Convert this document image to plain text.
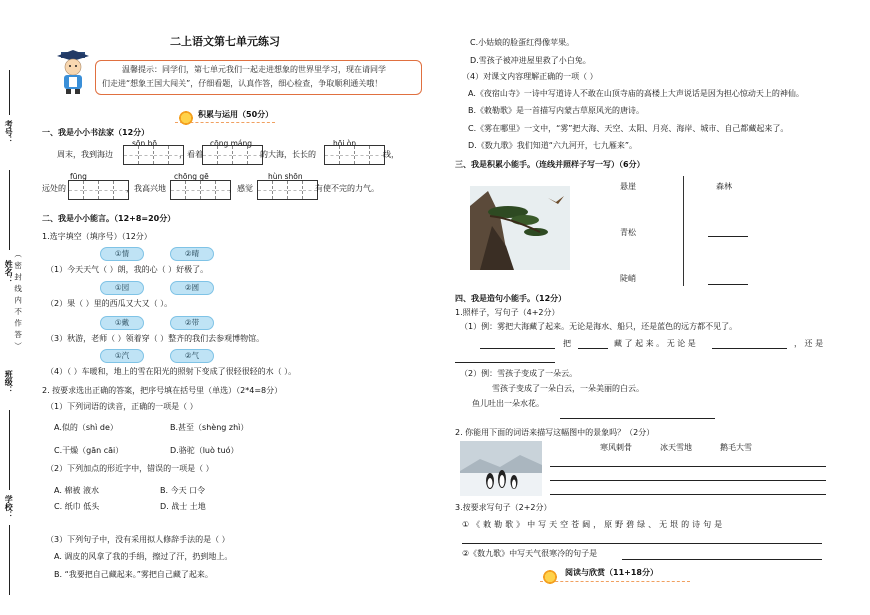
考号：
姓名： （密封线内不作答）
班级：
学校：
二上语文第七单元练习
温馨提示：同学们，第七单元我们一起走进想象的世界里学习，现在请同学
们走进“想象王国大闯关”，仔细看题，认真作答，细心检查，争取顺利通关哦！
积累与运用（50分）
一、我是小小书法家（12分）
sōn bō	cōng máng	hōi òn
周末，我到海边	，看着	的大海，长长的	线，
fūng	chōng gē	hùn shōn
远处的	，我高兴地	，感觉	有使不完的力气。
二、我是小小能言。（12+8=20分）
1.选字填空（填序号）（12分）
①情	②晴
（1）今天天气（ ）朗，我的心（ ）好极了。
①园	②圆
（2）果（ ）里的西瓜又大又（ ）。
①戴	②带
（3）秋游，老师（ ）领着穿（ ）整齐的我们去参观博物馆。
①汽	②气
（4）（ ）车暖和，地上的雪在阳光的照射下变成了很轻很轻的水（ ）。
2. 按要求选出正确的答案，把序号填在括号里（单选）（2*4=8分）
（1）下列词语的读音，正确的一项是（ ）
A.似的（shì de）	B.甚至（shèng zhì）
C.干燥（gān cāi）	D.骆驼（luò tuó）
（2）下列加点的形近字中，错误的一项是（ ）
A. 棉被 液水	B. 今天 口令
C. 纸巾 低头	D. 战士 土地
（3）下列句子中，没有采用拟人修辞手法的是（ ）
A. 调皮的风拿了我的手绢，擦过了汗，扔到地上。
B. “我要把自己藏起来。”雾把自己藏了起来。
C.小姑娘的脸蛋红得像苹果。
D.雪孩子被冲进屋里救了小白兔。
（4）对课文内容理解正确的一项（ ）
A.《夜宿山寺》一诗中写道诗人不敢在山顶寺庙的高楼上大声说话是因为担心惊动天上的神仙。
B.《敕勒歌》是一首描写内蒙古草原风光的唐诗。
C.《雾在哪里》一文中，“雾”把大海、天空、太阳、月亮、海岸、城市、自己都藏起来了。
D.《数九歌》我们知道“六九河开，七九雁来”。
三、我是积累小能手。（连线并照样子写一写）（6分）
悬崖
青松
陡峭
森林
四、我是造句小能手。（12分）
1.照样子，写句子（4+2分）
（1）例：雾把大海藏了起来。无论是海水、船只，还是蓝色的远方都不见了。
把	藏 了 起 来 。 无 论 是	， 还 是
（2）例：雪孩子变成了一朵云。
雪孩子变成了一朵白云，一朵美丽的白云。
鱼儿吐出一朵水花。
2. 你能用下面的词语来描写这幅图中的景象吗？（2分）
寒风刺骨	冰天雪地	鹅毛大雪
3.按要求写句子（2+2分）
①《敕勒歌》中写天空苍阔，原野碧绿、无垠的诗句是
②《数九歌》中写天气很寒冷的句子是
阅读与欣赏（11+18分）
